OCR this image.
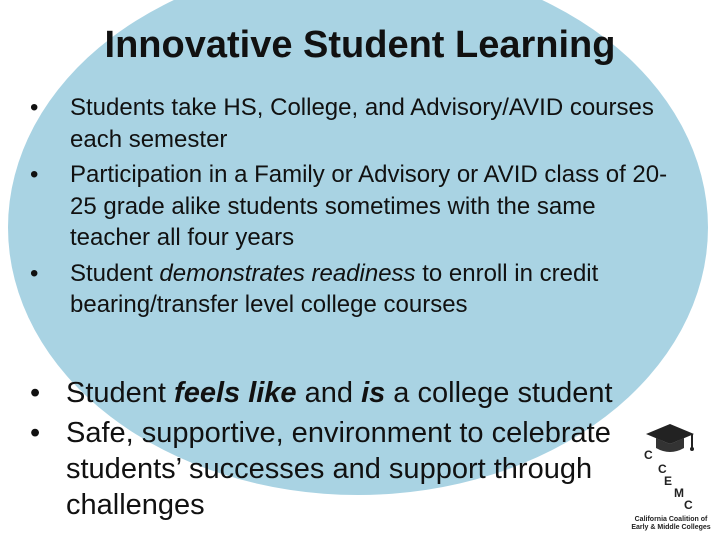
Innovative Student Learning
• Students take HS, College, and Advisory/AVID courses each semester
• Participation in a Family or Advisory or AVID class of 20-25 grade alike students sometimes with the same teacher all four years
• Student demonstrates readiness to enroll in credit bearing/transfer level college courses
• Student feels like and is a college student
• Safe, supportive, environment to celebrate students’ successes and support through challenges
C
C
E
M
C
California Coalition of
Early & Middle Colleges
